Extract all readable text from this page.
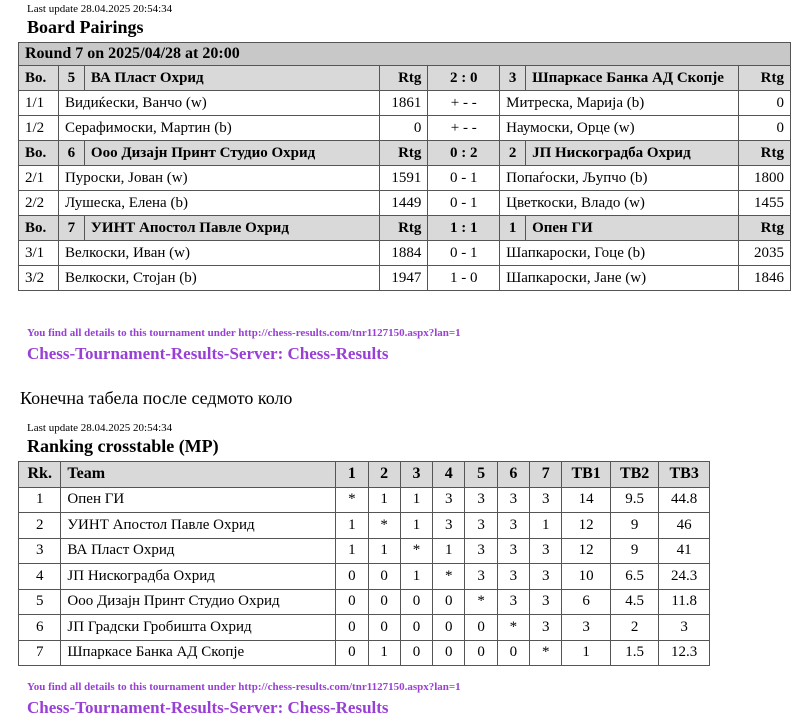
Last update 28.04.2025 20:54:34
Board Pairings
Round 7 on 2025/04/28 at 20:00							
Bo.	5	ВА Пласт Охрид	Rtg	2 : 0	3	Шпаркасе Банка АД Скопје	Rtg
1/1	Видиќески, Ванчо (w)		1861	+ - -	Митреска, Марија (b)		0
1/2	Серафимоски, Мартин (b)		0	+ - -	Наумоски, Орце (w)		0
Bo.	6	Ооо Дизајн Принт Студио Охрид	Rtg	0 : 2	2	ЈП Нискоградба Охрид	Rtg
2/1	Пуроски, Јован (w)		1591	0 - 1	Попаѓоски, Љупчо (b)		1800
2/2	Лушеска, Елена (b)		1449	0 - 1	Цветкоски, Владо (w)		1455
Bo.	7	УИНТ Апостол Павле Охрид	Rtg	1 : 1	1	Опен ГИ	Rtg
3/1	Велкоски, Иван (w)		1884	0 - 1	Шапкароски, Гоце (b)		2035
3/2	Велкоски, Стојан (b)		1947	1 - 0	Шапкароски, Јане (w)		1846
You find all details to this tournament under http://chess-results.com/tnr1127150.aspx?lan=1
Chess-Tournament-Results-Server: Chess-Results
Конечна табела после седмото коло
Last update 28.04.2025 20:54:34
Ranking crosstable (MP)
Rk.	Team	1	2	3	4	5	6	7	TB1	TB2	TB3
1	Опен ГИ	*	1	1	3	3	3	3	14	9.5	44.8
2	УИНТ Апостол Павле Охрид	1	*	1	3	3	3	1	12	9	46
3	ВА Пласт Охрид	1	1	*	1	3	3	3	12	9	41
4	ЈП Нискоградба Охрид	0	0	1	*	3	3	3	10	6.5	24.3
5	Ооо Дизајн Принт Студио Охрид	0	0	0	0	*	3	3	6	4.5	11.8
6	ЈП Градски Гробишта Охрид	0	0	0	0	0	*	3	3	2	3
7	Шпаркасе Банка АД Скопје	0	1	0	0	0	0	*	1	1.5	12.3
You find all details to this tournament under http://chess-results.com/tnr1127150.aspx?lan=1
Chess-Tournament-Results-Server: Chess-Results
